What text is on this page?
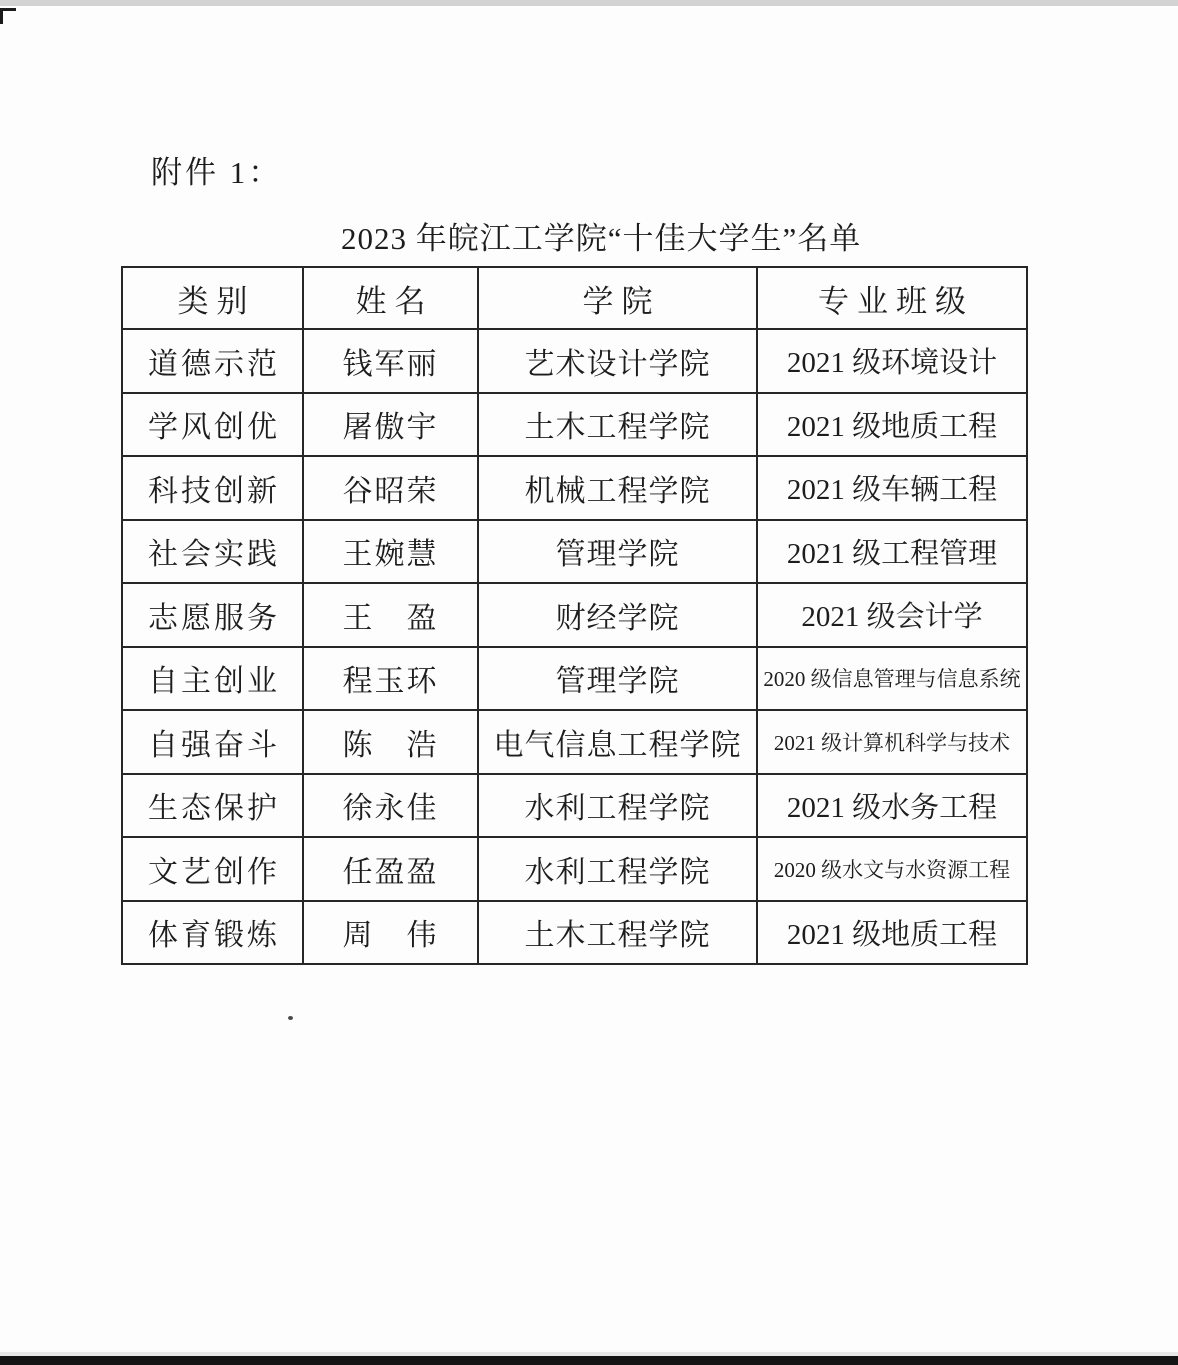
附件 1：
2023 年皖江工学院“十佳大学生”名单
类别	姓名	学院	专业班级
道德示范	钱军丽	艺术设计学院	2021 级环境设计
学风创优	屠傲宇	土木工程学院	2021 级地质工程
科技创新	谷昭荣	机械工程学院	2021 级车辆工程
社会实践	王婉慧	管理学院	2021 级工程管理
志愿服务	王　盈	财经学院	2021 级会计学
自主创业	程玉环	管理学院	2020 级信息管理与信息系统
自强奋斗	陈　浩	电气信息工程学院	2021 级计算机科学与技术
生态保护	徐永佳	水利工程学院	2021 级水务工程
文艺创作	任盈盈	水利工程学院	2020 级水文与水资源工程
体育锻炼	周　伟	土木工程学院	2021 级地质工程
